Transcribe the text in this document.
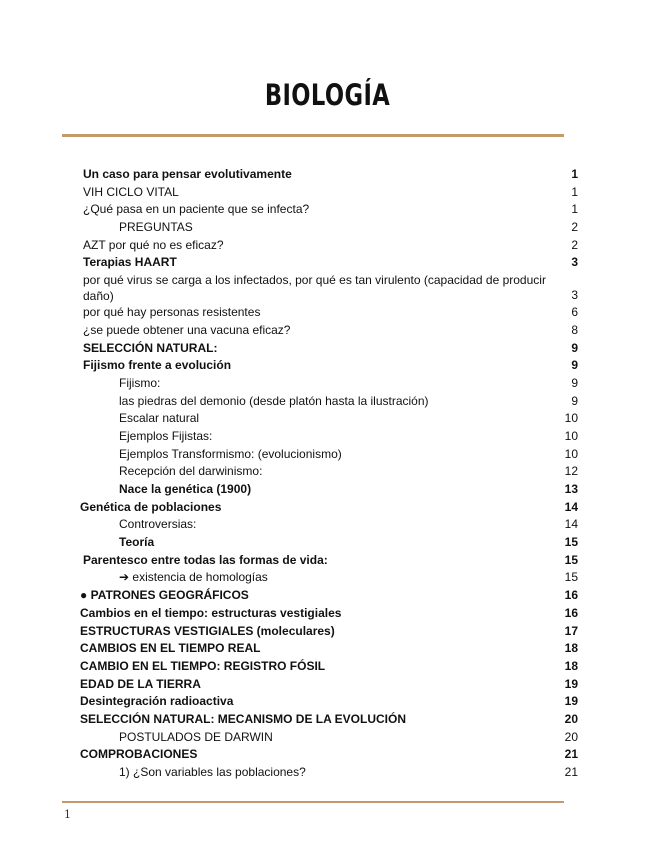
BIOLOGÍA
Un caso para pensar evolutivamente	1
VIH CICLO VITAL	1
¿Qué pasa en un paciente que se infecta?	1
PREGUNTAS	2
AZT por qué no es eficaz?	2
Terapias HAART	3
por qué virus se carga a los infectados, por qué es tan virulento (capacidad de producir daño)	3
por qué hay personas resistentes	6
¿se puede obtener una vacuna eficaz?	8
SELECCIÓN NATURAL:	9
Fijismo frente a evolución	9
Fijismo:	9
las piedras del demonio (desde platón hasta la ilustración)	9
Escalar natural	10
Ejemplos Fijistas:	10
Ejemplos Transformismo: (evolucionismo)	10
Recepción del darwinismo:	12
Nace la genética (1900)	13
Genética de poblaciones	14
Controversias:	14
Teoría	15
Parentesco entre todas las formas de vida:	15
➔ existencia de homologías	15
● PATRONES GEOGRÁFICOS	16
Cambios en el tiempo: estructuras vestigiales	16
ESTRUCTURAS VESTIGIALES (moleculares)	17
CAMBIOS EN EL TIEMPO REAL	18
CAMBIO EN EL TIEMPO: REGISTRO FÓSIL	18
EDAD DE LA TIERRA	19
Desintegración radioactiva	19
SELECCIÓN NATURAL: MECANISMO DE LA EVOLUCIÓN	20
POSTULADOS DE DARWIN	20
COMPROBACIONES	21
1) ¿Son variables las poblaciones?	21
1
